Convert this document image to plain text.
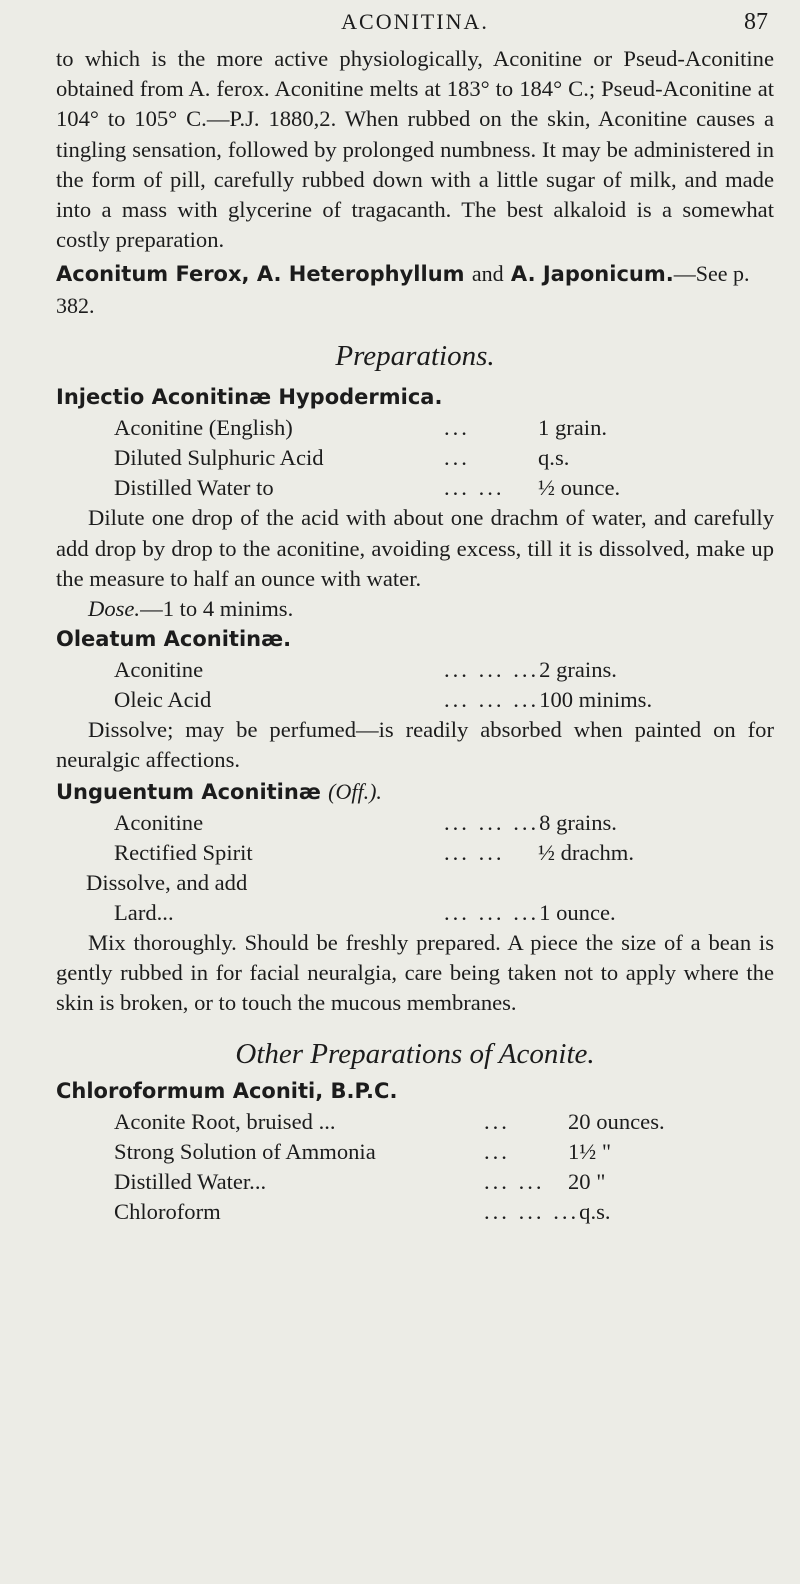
ACONITINA.	87

to which is the more active physiologically, Aconitine or Pseud-Aconitine obtained from A. ferox. Aconitine melts at 183° to 184° C.; Pseud-Aconitine at 104° to 105° C.—P.J. 1880,2. When rubbed on the skin, Aconitine causes a tingling sensation, followed by prolonged numbness. It may be administered in the form of pill, carefully rubbed down with a little sugar of milk, and made into a mass with glycerine of tragacanth. The best alkaloid is a somewhat costly preparation.

Aconitum Ferox, A. Heterophyllum and A. Japonicum.—See p. 382.

Preparations.

Injectio Aconitinæ Hypodermica.

Aconitine (English)	...	1 grain.
Diluted Sulphuric Acid	...	q.s.
Distilled Water to	... ...	½ ounce.

Dilute one drop of the acid with about one drachm of water, and carefully add drop by drop to the aconitine, avoiding excess, till it is dissolved, make up the measure to half an ounce with water.

Dose.—1 to 4 minims.

Oleatum Aconitinæ.

Aconitine	... ... ... 2 grains.
Oleic Acid	... ... ... 100 minims.

Dissolve; may be perfumed—is readily absorbed when painted on for neuralgic affections.

Unguentum Aconitinæ (Off.).

Aconitine	... ... ... 8 grains.
Rectified Spirit	... ...	½ drachm.

Dissolve, and add

Lard...	... ... ... 1 ounce.

Mix thoroughly. Should be freshly prepared. A piece the size of a bean is gently rubbed in for facial neuralgia, care being taken not to apply where the skin is broken, or to touch the mucous membranes.

Other Preparations of Aconite.

Chloroformum Aconiti, B.P.C.

Aconite Root, bruised ...	...	20 ounces.
Strong Solution of Ammonia	...	1½ "
Distilled Water...	... ...	20 "
Chloroform	... ... ... q.s.
